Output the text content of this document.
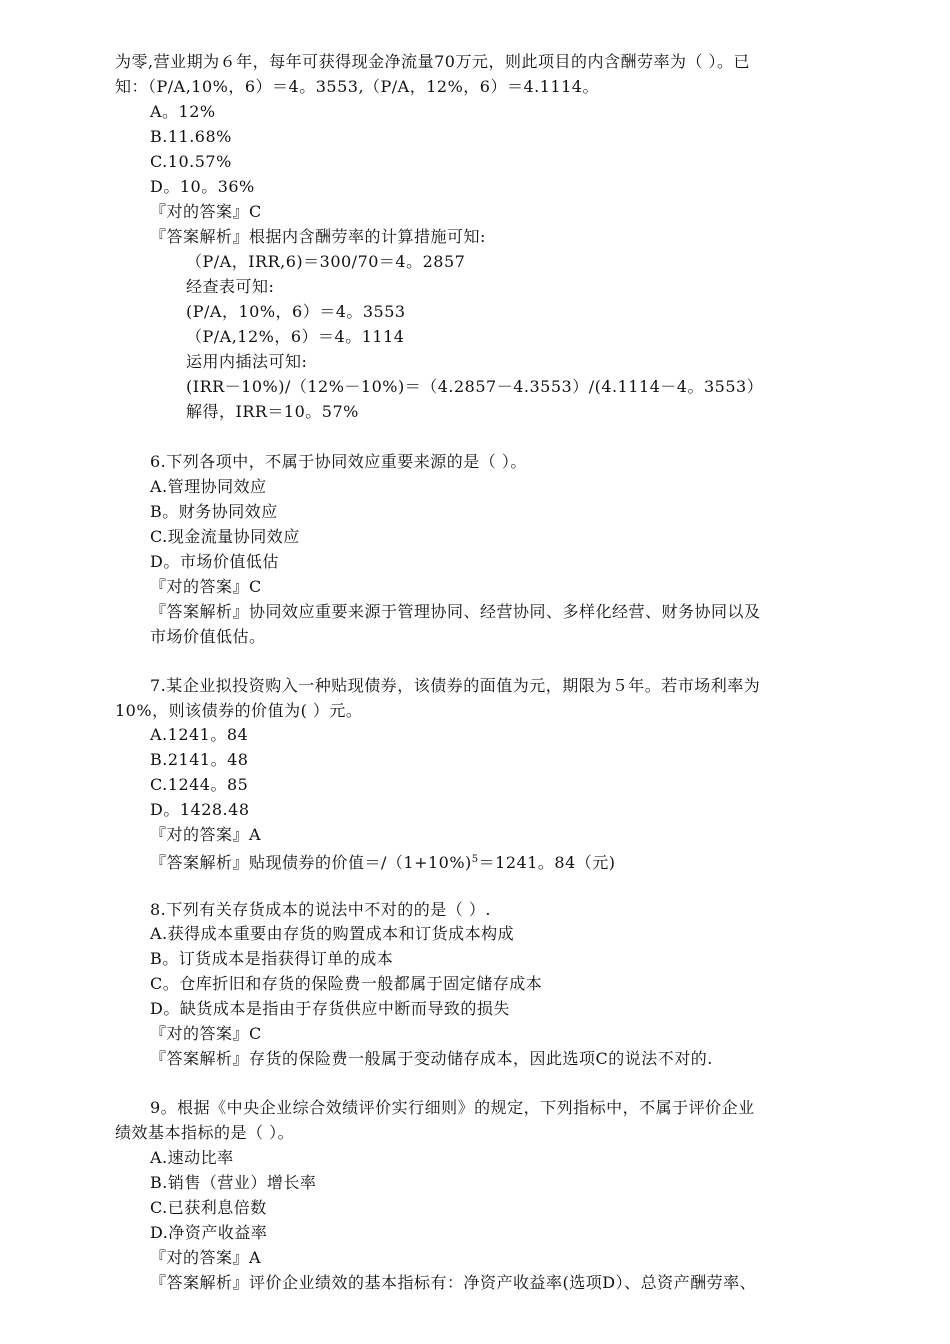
为零,营业期为６年，每年可获得现金净流量70万元，则此项目的内含酬劳率为（ ）。已
知：（P/A,10%，6）＝4。3553,（P/A，12%，6）＝4.1114。
A。12%
B.11.68%
C.10.57%
D。10。36%
『对的答案』C
『答案解析』根据内含酬劳率的计算措施可知:
（P/A，IRR,6)＝300/70＝4。2857
经查表可知:
(P/A，10%，6）＝4。3553
（P/A,12%，6）＝4。1114
运用内插法可知:
(IRR－10%)/（12%－10%)＝（4.2857－4.3553）/(4.1114－4。3553）
解得，IRR＝10。57%
6.下列各项中，不属于协同效应重要来源的是（ ）。
A.管理协同效应
B。财务协同效应
C.现金流量协同效应
D。市场价值低估
『对的答案』C
『答案解析』协同效应重要来源于管理协同、经营协同、多样化经营、财务协同以及
市场价值低估。
7.某企业拟投资购入一种贴现债券，该债券的面值为元，期限为５年。若市场利率为
10%，则该债券的价值为( ）元。
A.1241。84
B.2141。48
C.1244。85
D。1428.48
『对的答案』A
『答案解析』贴现债券的价值＝/（1+10%)$^5$＝1241。84（元)
8.下列有关存货成本的说法中不对的的是（ ）.
A.获得成本重要由存货的购置成本和订货成本构成
B。订货成本是指获得订单的成本
C。仓库折旧和存货的保险费一般都属于固定储存成本
D。缺货成本是指由于存货供应中断而导致的损失
『对的答案』C
『答案解析』存货的保险费一般属于变动储存成本，因此选项C的说法不对的.
9。根据《中央企业综合效绩评价实行细则》的规定，下列指标中，不属于评价企业
绩效基本指标的是（ ）。
A.速动比率
B.销售（营业）增长率
C.已获利息倍数
D.净资产收益率
『对的答案』A
『答案解析』评价企业绩效的基本指标有：净资产收益率(选项D）、总资产酬劳率、
